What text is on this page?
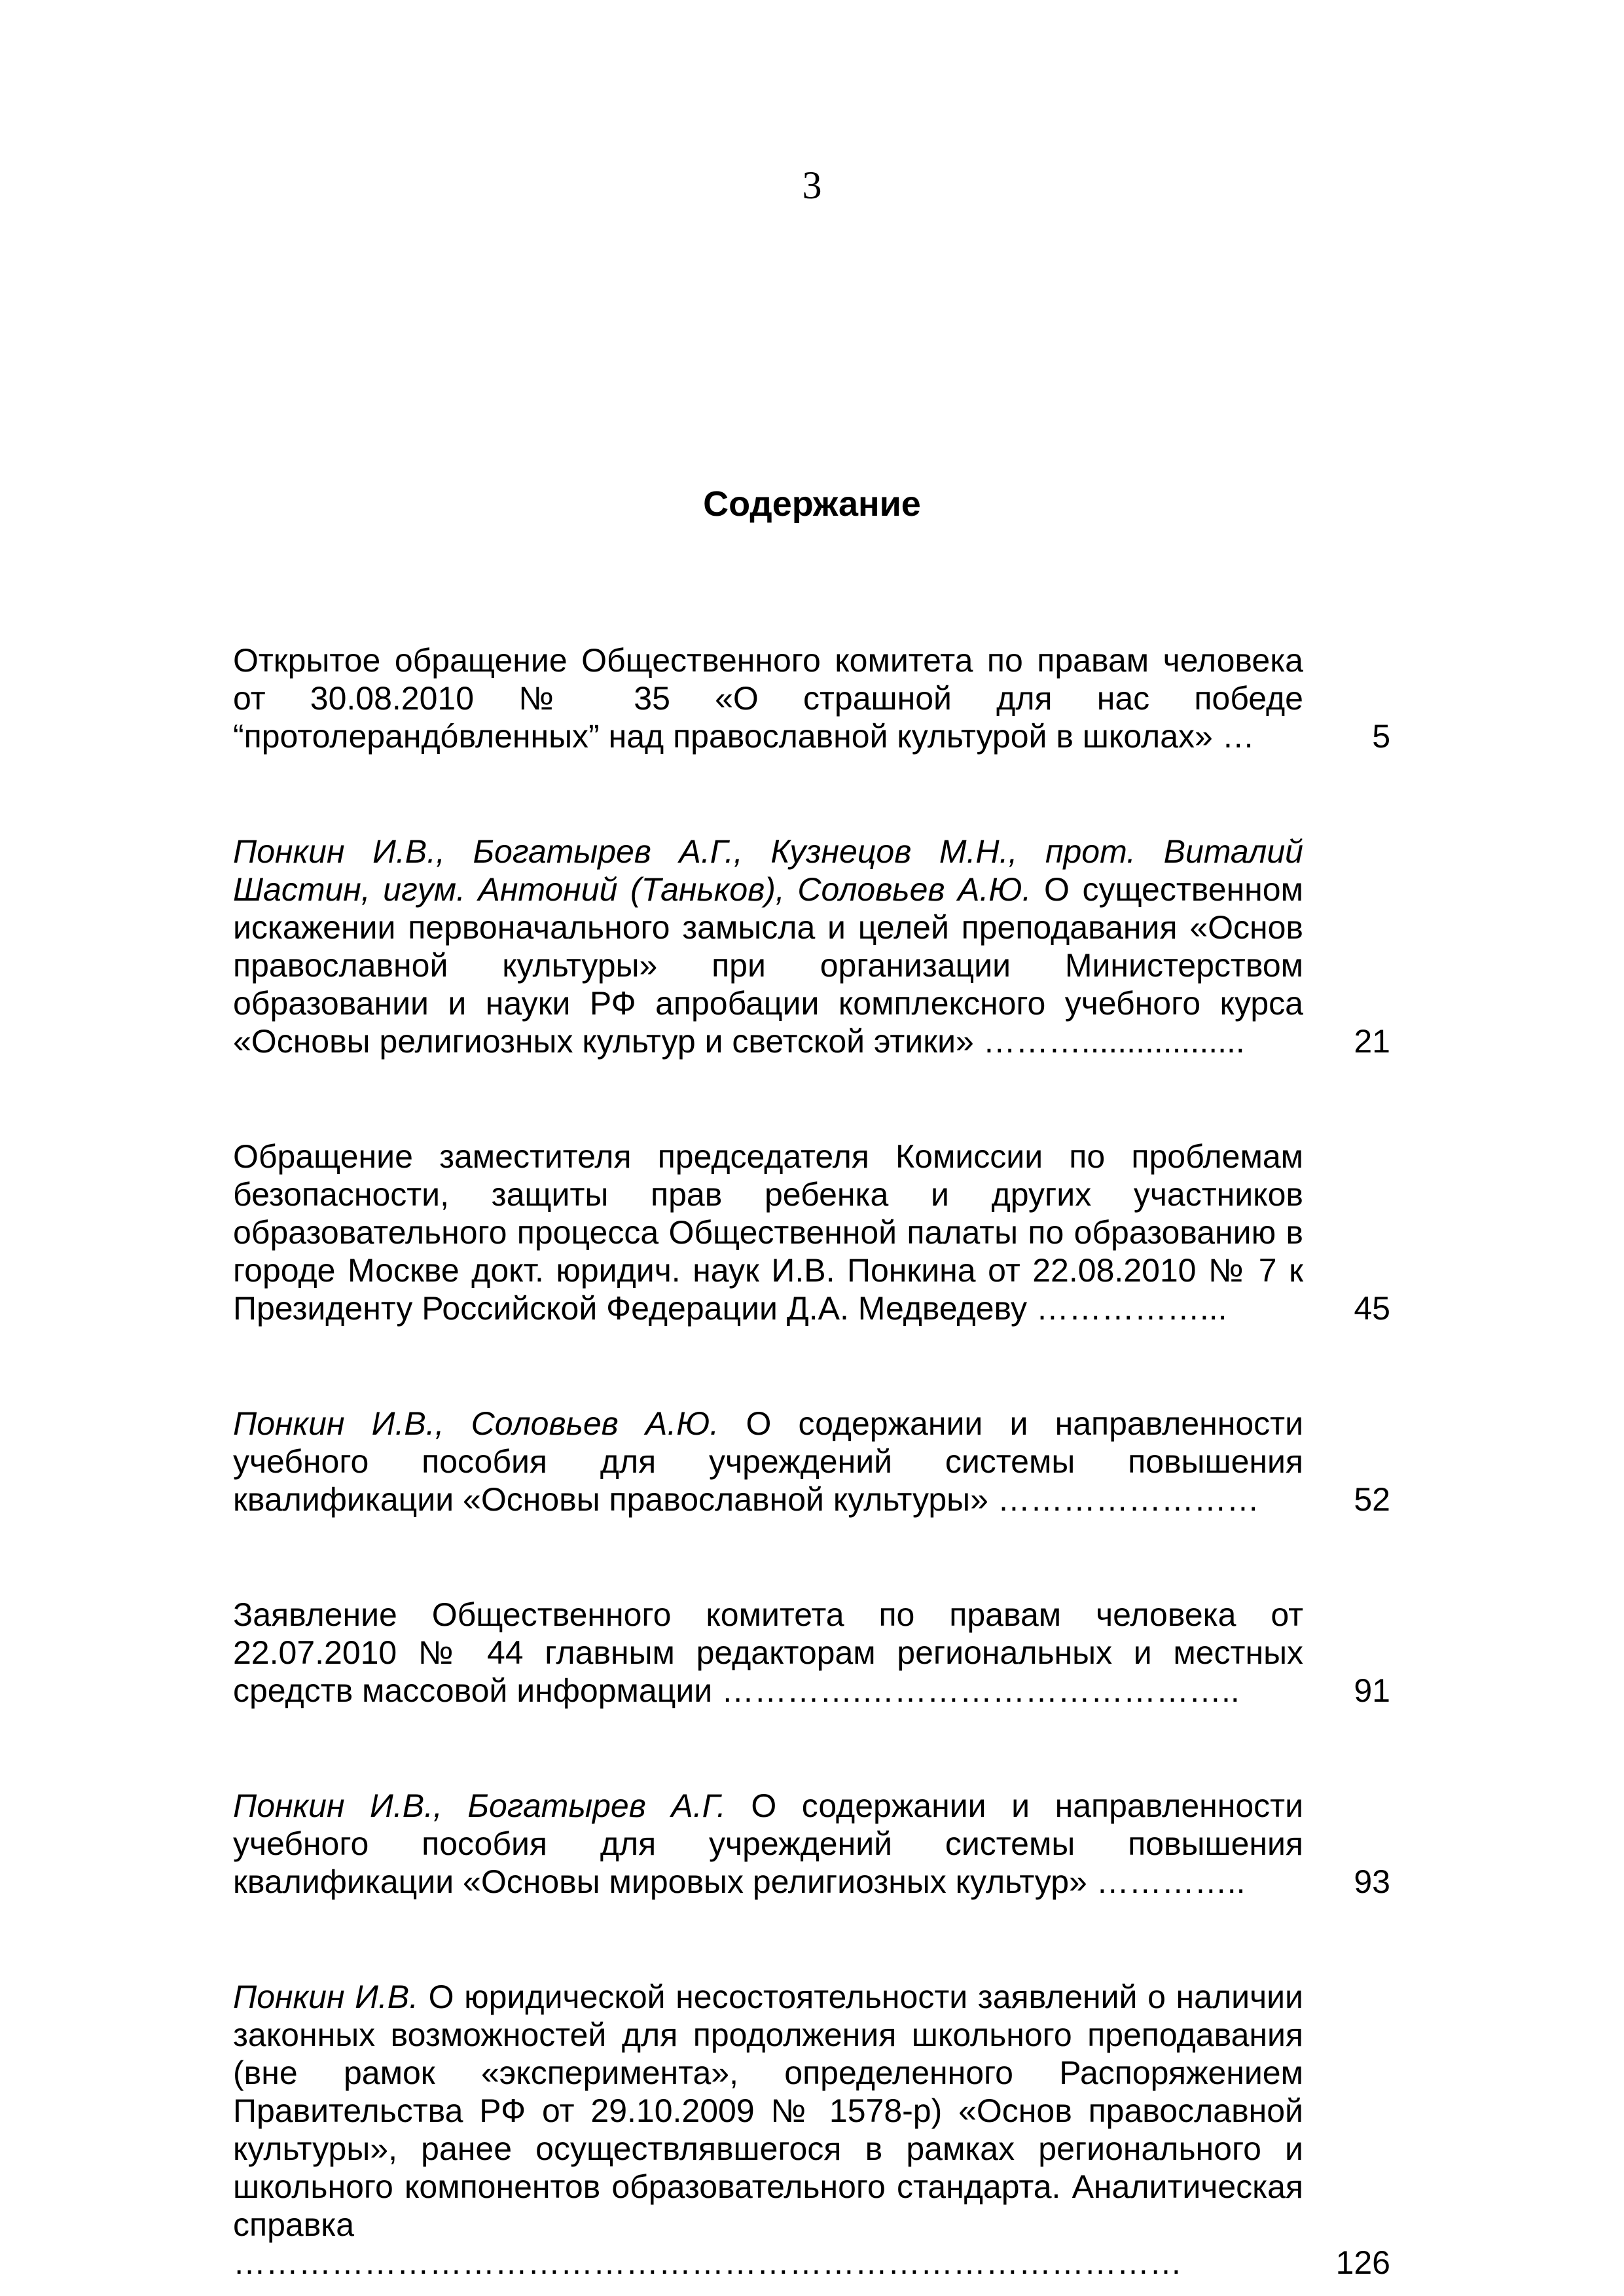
3
Содержание
Открытое обращение Общественного комитета по правам человека от 30.08.2010 № 35 «О страшной для нас победе “протолерандóвленных” над православной культурой в школах» …	5
Понкин И.В., Богатырев А.Г., Кузнецов М.Н., прот. Виталий Шастин, игум. Антоний (Таньков), Соловьев А.Ю. О существенном искажении первоначального замысла и целей преподавания «Основ православной культуры» при организации Министерством образовании и науки РФ апробации комплексного учебного курса «Основы религиозных культур и светской этики» ………..................	21
Обращение заместителя председателя Комиссии по проблемам безопасности, защиты прав ребенка и других участников образовательного процесса Общественной палаты по образованию в городе Москве докт. юридич. наук И.В. Понкина от 22.08.2010 № 7 к Президенту Российской Федерации Д.А. Медведеву ……………...	45
Понкин И.В., Соловьев А.Ю. О содержании и направленности учебного пособия для учреждений системы повышения квалификации «Основы православной культуры» ……………………	52
Заявление Общественного комитета по правам человека от 22.07.2010 № 44 главным редакторам региональных и местных средств массовой информации ………….……………………………..	91
Понкин И.В., Богатырев А.Г. О содержании и направленности учебного пособия для учреждений системы повышения квалификации «Основы мировых религиозных культур» …………..	93
Понкин И.В. О юридической несостоятельности заявлений о наличии законных возможностей для продолжения школьного преподавания (вне рамок «эксперимента», определенного Распоряжением Правительства РФ от 29.10.2009 № 1578-р) «Основ православной культуры», ранее осуществлявшегося в рамках регионального и школьного компонентов образовательного стандарта. Аналитическая справка ……………………………………………………………………………	126
